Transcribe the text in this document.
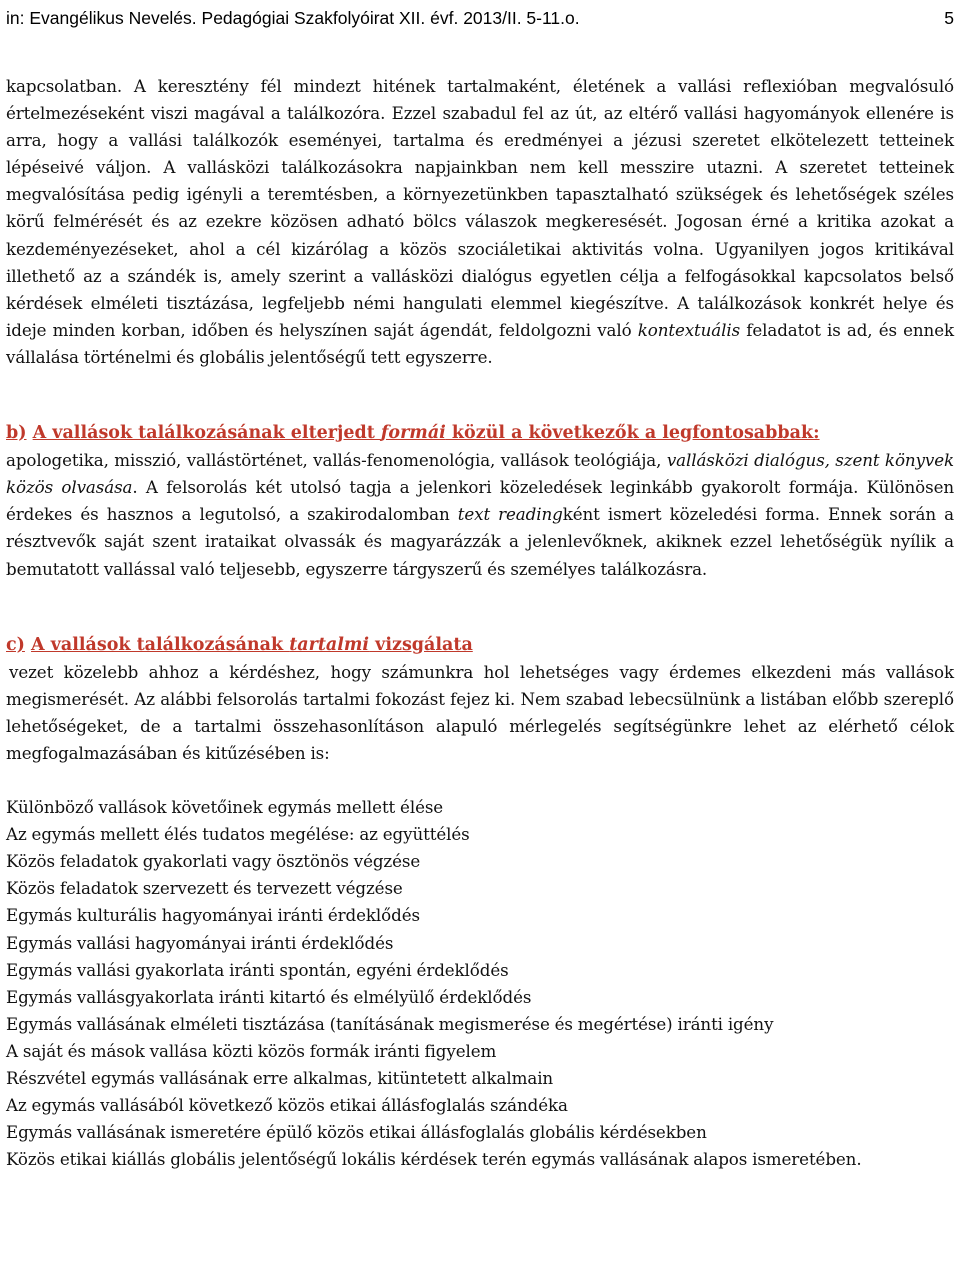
in: Evangélikus Nevelés. Pedagógiai Szakfolyóirat XII. évf. 2013/II. 5-11.o.	5

kapcsolatban. A keresztény fél mindezt hitének tartalmaként, életének a vallási reflexióban megvalósuló értelmezéseként viszi magával a találkozóra. Ezzel szabadul fel az út, az eltérő vallási hagyományok ellenére is arra, hogy a vallási találkozók eseményei, tartalma és eredményei a jézusi szeretet elkötelezett tetteinek lépéseivé váljon. A vallásközi találkozásokra napjainkban nem kell messzire utazni. A szeretet tetteinek megvalósítása pedig igényli a teremtésben, a környezetünkben tapasztalható szükségek és lehetőségek széles körű felmérését és az ezekre közösen adható bölcs válaszok megkeresését. Jogosan érné a kritika azokat a kezdeményezéseket, ahol a cél kizárólag a közös szociáletikai aktivitás volna. Ugyanilyen jogos kritikával illethető az a szándék is, amely szerint a vallásközi dialógus egyetlen célja a felfogásokkal kapcsolatos belső kérdések elméleti tisztázása, legfeljebb némi hangulati elemmel kiegészítve. A találkozások konkrét helye és ideje minden korban, időben és helyszínen saját ágendát, feldolgozni való kontextuális feladatot is ad, és ennek vállalása történelmi és globális jelentőségű tett egyszerre.

b) A vallások találkozásának elterjedt formái közül a következők a legfontosabbak:

apologetika, misszió, vallástörténet, vallás-fenomenológia, vallások teológiája, vallásközi dialógus, szent könyvek közös olvasása. A felsorolás két utolsó tagja a jelenkori közeledések leginkább gyakorolt formája. Különösen érdekes és hasznos a legutolsó, a szakirodalomban text readingként ismert közeledési forma. Ennek során a résztvevők saját szent irataikat olvassák és magyarázzák a jelenlevőknek, akiknek ezzel lehetőségük nyílik a bemutatott vallással való teljesebb, egyszerre tárgyszerű és személyes találkozásra.

c) A vallások találkozásának tartalmi vizsgálata

vezet közelebb ahhoz a kérdéshez, hogy számunkra hol lehetséges vagy érdemes elkezdeni más vallások megismerését. Az alábbi felsorolás tartalmi fokozást fejez ki. Nem szabad lebecsülnünk a listában előbb szereplő lehetőségeket, de a tartalmi összehasonlításon alapuló mérlegelés segítségünkre lehet az elérhető célok megfogalmazásában és kitűzésében is:

Különböző vallások követőinek egymás mellett élése
Az egymás mellett élés tudatos megélése: az együttélés
Közös feladatok gyakorlati vagy ösztönös végzése
Közös feladatok szervezett és tervezett végzése
Egymás kulturális hagyományai iránti érdeklődés
Egymás vallási hagyományai iránti érdeklődés
Egymás vallási gyakorlata iránti spontán, egyéni érdeklődés
Egymás vallásgyakorlata iránti kitartó és elmélyülő érdeklődés
Egymás vallásának elméleti tisztázása (tanításának megismerése és megértése) iránti igény
A saját és mások vallása közti közös formák iránti figyelem
Részvétel egymás vallásának erre alkalmas, kitüntetett alkalmain
Az egymás vallásából következő közös etikai állásfoglalás szándéka
Egymás vallásának ismeretére épülő közös etikai állásfoglalás globális kérdésekben
Közös etikai kiállás globális jelentőségű lokális kérdések terén egymás vallásának alapos ismeretében.
